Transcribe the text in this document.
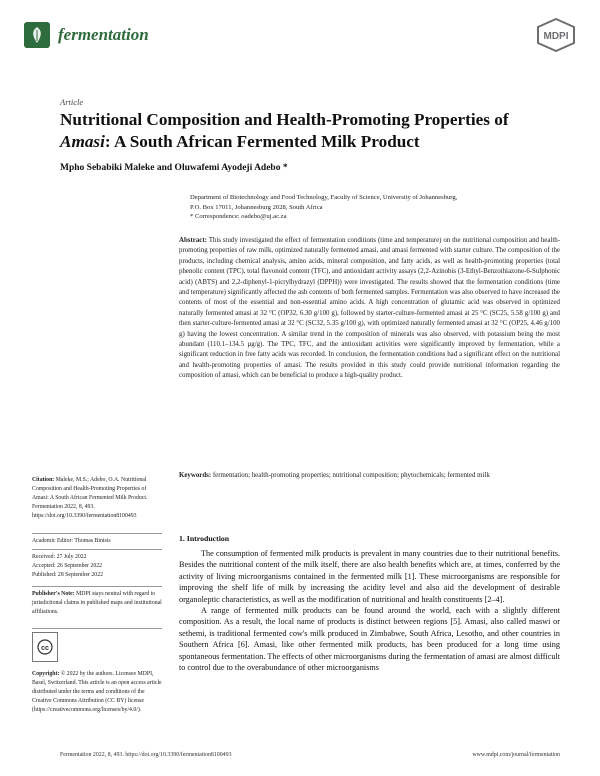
fermentation	MDPI
Article
Nutritional Composition and Health-Promoting Properties of
Amasi: A South African Fermented Milk Product
Mpho Sebabiki Maleke and Oluwafemi Ayodeji Adebo *
Department of Biotechnology and Food Technology, Faculty of Science, University of Johannesburg,
P.O. Box 17011, Johannesburg 2028, South Africa
* Correspondence: oadebo@uj.ac.za
Abstract: This study investigated the effect of fermentation conditions (time and temperature) on the nutritional composition and health-promoting properties of raw milk, optimized naturally fermented amasi, and amasi fermented with starter culture. The composition of the products, including chemical analysis, amino acids, mineral composition, and fatty acids, as well as health-promoting properties (total phenolic content (TPC), total flavonoid content (TFC), and antioxidant activity assays (2,2-Azinobis (3-Ethyl-Benzothiazone-6-Sulphonic acid) (ABTS) and 2,2-diphenyl-1-picrylhydrazyl (DPPH)) were investigated. The results showed that the fermentation conditions (time and temperature) significantly affected the ash contents of both fermented samples. Fermentation was also observed to have increased the contents of most of the essential and non-essential amino acids. A high concentration of glutamic acid was observed in optimized naturally fermented amasi at 32 °C (OP32, 6.30 g/100 g), followed by starter-culture-fermented amasi at 25 °C (SC25, 5.58 g/100 g) and then starter-culture-fermented amasi at 32 °C (SC32, 5.35 g/100 g), with optimized naturally fermented amasi at 32 °C (OP25, 4.46 g/100 g) having the lowest concentration. A similar trend in the composition of minerals was also observed, with potassium being the most abundant (110.1–134.5 µg/g). The TPC, TFC, and the antioxidant activities were significantly improved by fermentation, while a significant reduction in free fatty acids was recorded. In conclusion, the fermentation conditions had a significant effect on the nutritional and health-promoting properties of amasi. The results provided in this study could provide nutritional information regarding the composition of amasi, which can be beneficial to produce a high-quality product.
Keywords: fermentation; health-promoting properties; nutritional composition; phytochemicals; fermented milk
Citation: Maleke, M.S.; Adebo, O.A. Nutritional Composition and Health-Promoting Properties of Amasi: A South African Fermented Milk Product. Fermentation 2022, 8, 493. https://doi.org/10.3390/fermentation8100493
Academic Editor: Thomas Bintsis
Received: 27 July 2022
Accepted: 26 September 2022
Published: 28 September 2022
Publisher's Note: MDPI stays neutral with regard to jurisdictional claims in published maps and institutional affiliations.
cc
Copyright: © 2022 by the authors. Licensee MDPI, Basel, Switzerland. This article is an open access article distributed under the terms and conditions of the Creative Commons Attribution (CC BY) license (https://creativecommons.org/licenses/by/4.0/).
1. Introduction

The consumption of fermented milk products is prevalent in many countries due to their nutritional benefits. Besides the nutritional content of the milk itself, there are also health benefits which are, at times, conferred by the activity of living microorganisms contained in the fermented milk [1]. These microorganisms are responsible for improving the shelf life of milk by increasing the acidity level and also aid the development of desirable organoleptic characteristics, as well as the modification of nutritional and health constituents [2–4].

A range of fermented milk products can be found around the world, each with a slightly different composition. As a result, the local name of products is distinct between regions [5]. Amasi, also called maswi or sethemi, is traditional fermented cow's milk produced in Zimbabwe, South Africa, Lesotho, and other countries in Southern Africa [6]. Amasi, like other fermented milk products, has been produced for a long time using spontaneous fermentation. The effects of other microorganisms during the fermentation of amasi are almost difficult to control due to the overabundance of other microorganisms

Fermentation 2022, 8, 493. https://doi.org/10.3390/fermentation8100493	www.mdpi.com/journal/fermentation
